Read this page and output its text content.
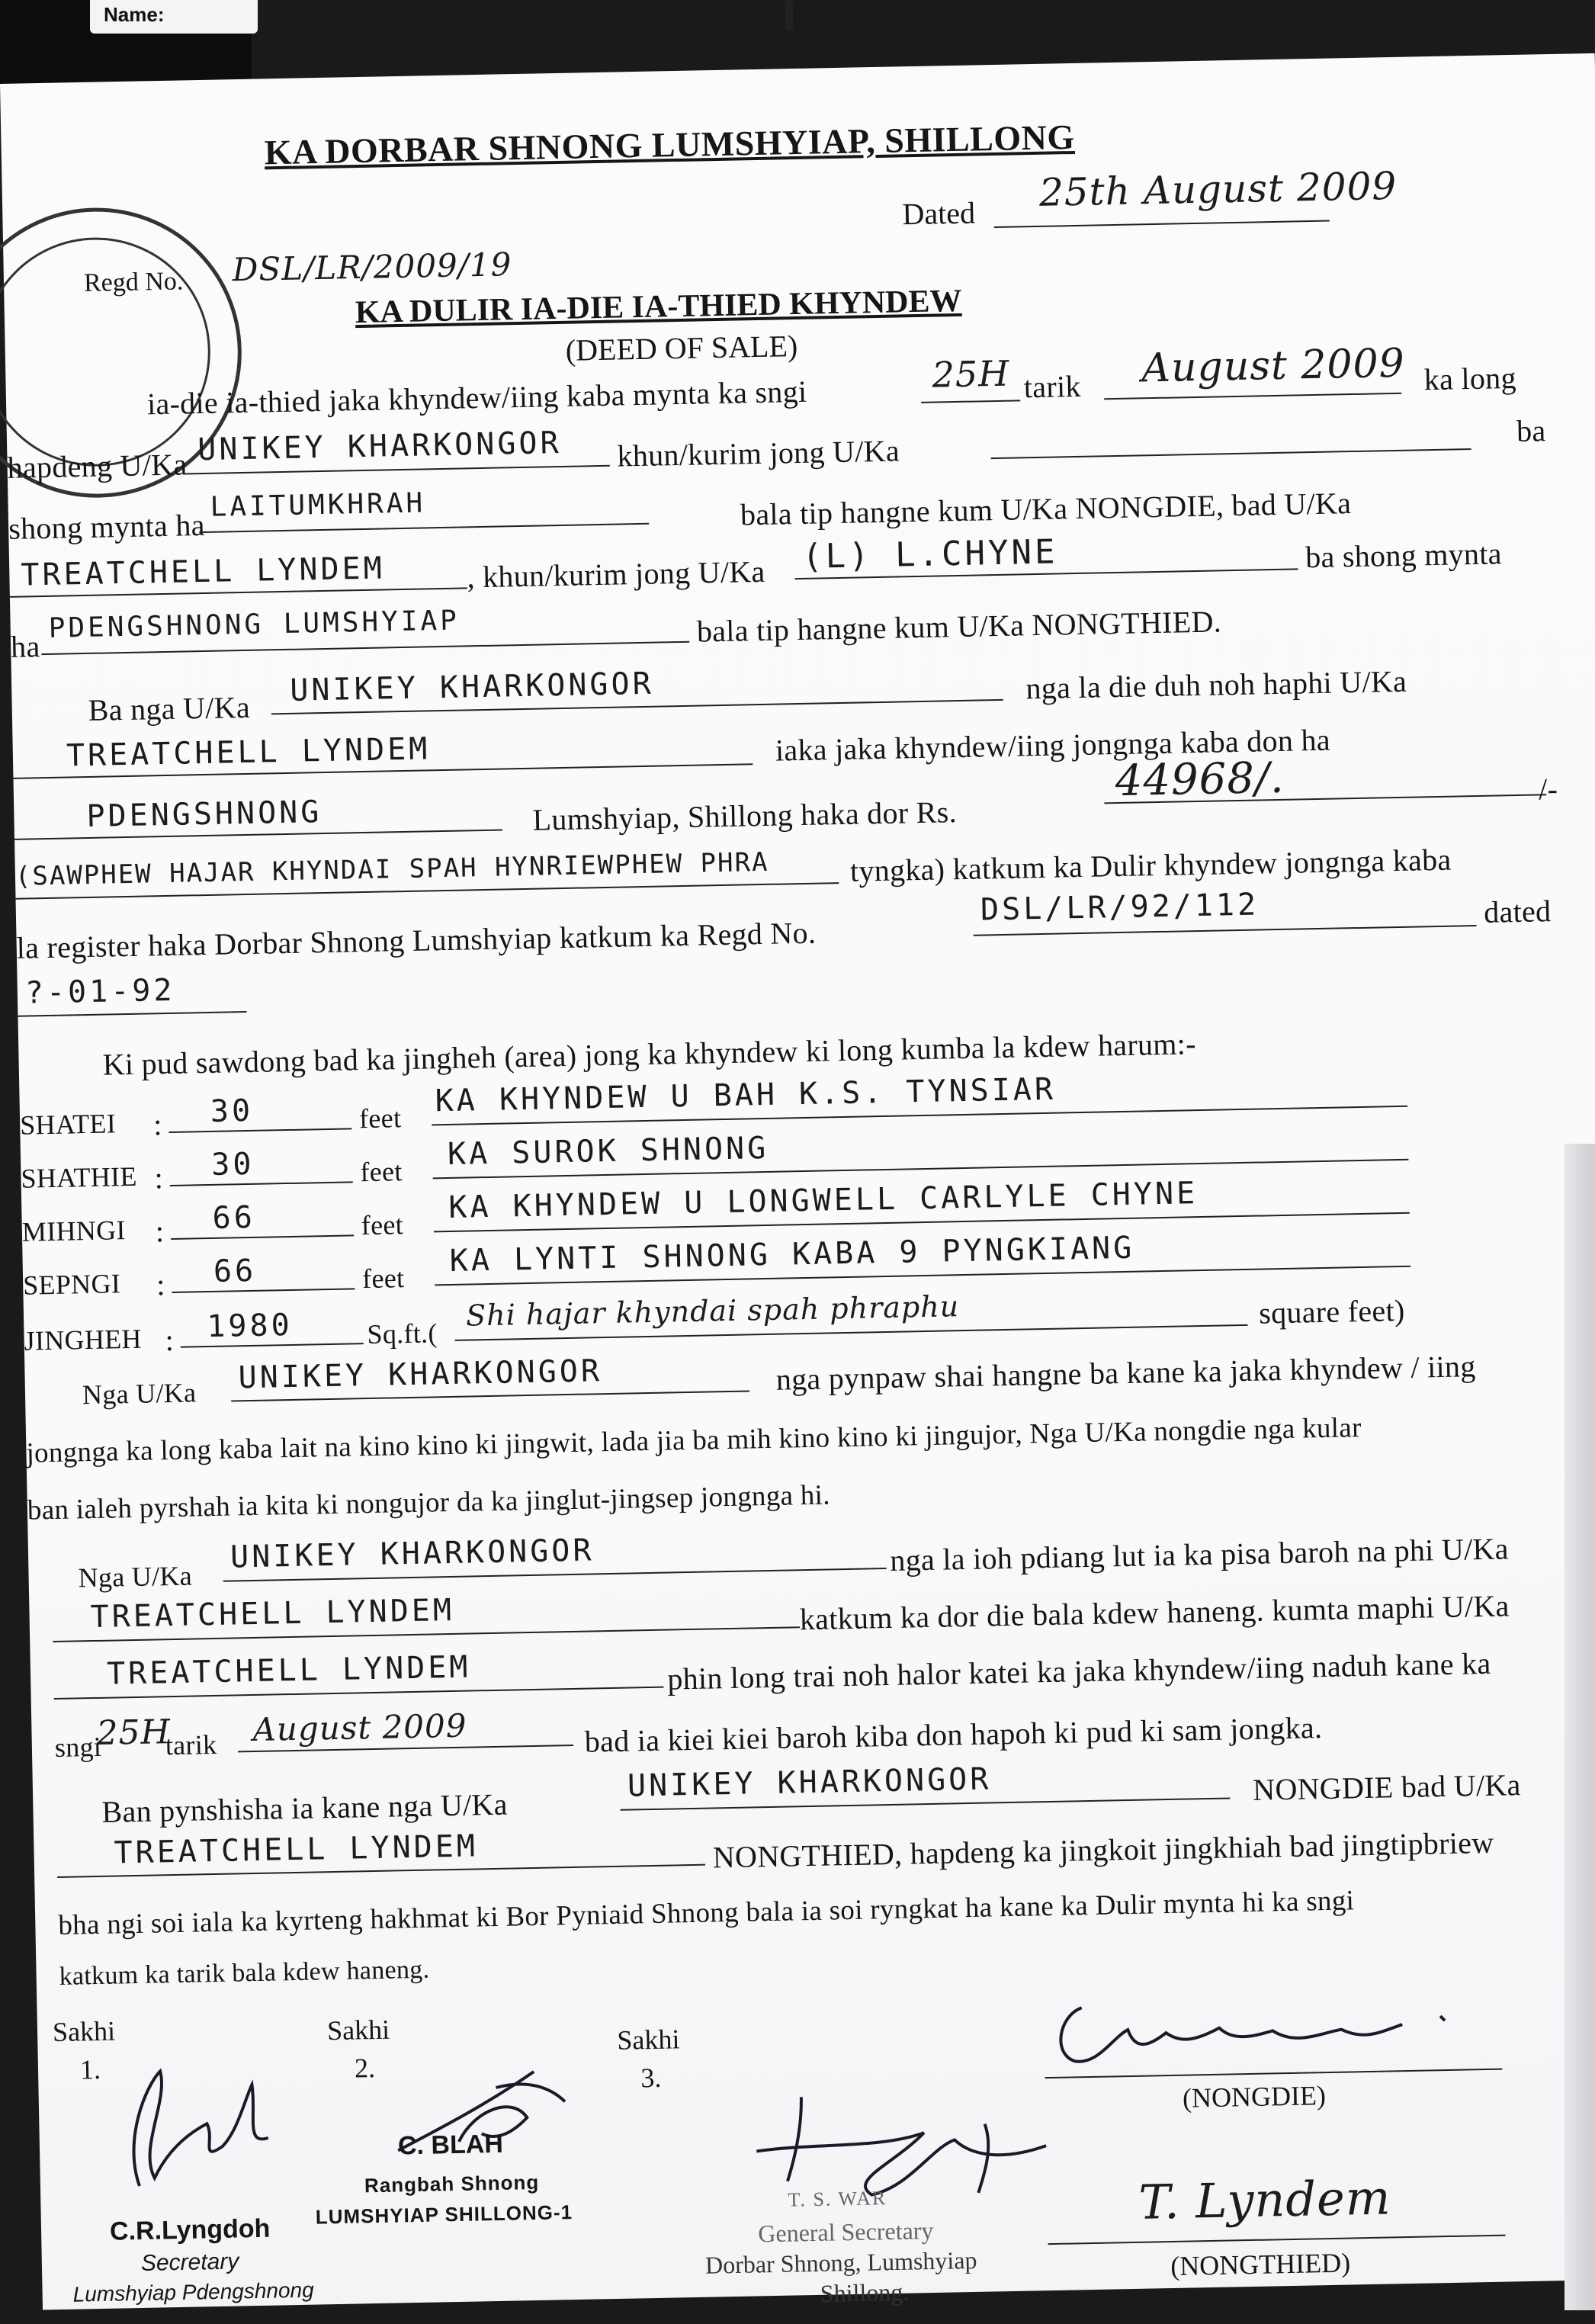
Name:
KA DORBAR SHNONG LUMSHYIAP, SHILLONG
Dated 25th August 2009
Regd No. DSL/LR/2009/19
KA DULIR IA-DIE IA-THIED KHYNDEW
(DEED OF SALE)
ia-die ia-thied jaka khyndew/iing kaba mynta ka sngi
25H tarik August 2009 ka long
hapdeng U/Ka UNIKEY KHARKONGOR khun/kurim jong U/Ka
ba
shong mynta ha
LAITUMKHRAH	bala tip hangne kum U/Ka NONGDIE, bad U/Ka
TREATCHELL LYNDEM	, khun/kurim jong U/Ka (L) L.CHYNE	ba shong mynta
ha
PDENGSHNONG LUMSHYIAP	bala tip hangne kum U/Ka NONGTHIED.
Ba nga U/Ka
UNIKEY KHARKONGOR	nga la die duh noh haphi U/Ka
TREATCHELL LYNDEM	iaka jaka khyndew/iing jongnga kaba don ha
PDENGSHNONG	Lumshyiap, Shillong haka dor Rs.
44968/.	/-
(SAWPHEW HAJAR KHYNDAI SPAH HYNRIEWPHEW PHRA	tyngka) katkum ka Dulir khyndew jongnga kaba
la register haka Dorbar Shnong Lumshyiap katkum ka Regd No.
DSL/LR/92/112	dated
?-01-92
Ki pud sawdong bad ka jingheh (area) jong ka khyndew ki long kumba la kdew harum:-
SHATEI : 30	feet KA KHYNDEW U BAH K.S. TYNSIAR
SHATHIE : 30	feet KA SUROK SHNONG
MIHNGI : 66	feet KA KHYNDEW U LONGWELL CARLYLE CHYNE
SEPNGI : 66	feet KA LYNTI SHNONG KABA 9 PYNGKIANG
JINGHEH : 1980	Sq.ft.(
Shi hajar khyndai spah phraphu	square feet)
Nga U/Ka UNIKEY KHARKONGOR	nga pynpaw shai hangne ba kane ka jaka khyndew / iing
jongnga ka long kaba lait na kino kino ki jingwit, lada jia ba mih kino kino ki jingujor, Nga U/Ka nongdie nga kular
ban ialeh pyrshah ia kita ki nongujor da ka jinglut-jingsep jongnga hi.
Nga U/Ka
UNIKEY KHARKONGOR	nga la ioh pdiang lut ia ka pisa baroh na phi U/Ka
TREATCHELL LYNDEM	katkum ka dor die bala kdew haneng. kumta maphi U/Ka
TREATCHELL LYNDEM	phin long trai noh halor katei ka jaka khyndew/iing naduh kane ka
sngi
25H
tarik August 2009	bad ia kiei kiei baroh kiba don hapoh ki pud ki sam jongka.
Ban pynshisha ia kane nga U/Ka
UNIKEY KHARKONGOR	NONGDIE bad U/Ka
TREATCHELL LYNDEM	NONGTHIED, hapdeng ka jingkoit jingkhiah bad jingtipbriew
bha ngi soi iala ka kyrteng hakhmat ki Bor Pyniaid Shnong bala ia soi ryngkat ha kane ka Dulir mynta hi ka sngi
katkum ka tarik bala kdew haneng.
Sakhi
1.
Sakhi
2.
Sakhi
3.
C.R.Lyngdoh
Secretary
Lumshyiap Pdengshnong
C. BLAH
Rangbah Shnong
LUMSHYIAP SHILLONG-1
T. S. WAR
General Secretary
Dorbar Shnong, Lumshyiap
Shillong.
(NONGDIE)
T. Lyndem
(NONGTHIED)
